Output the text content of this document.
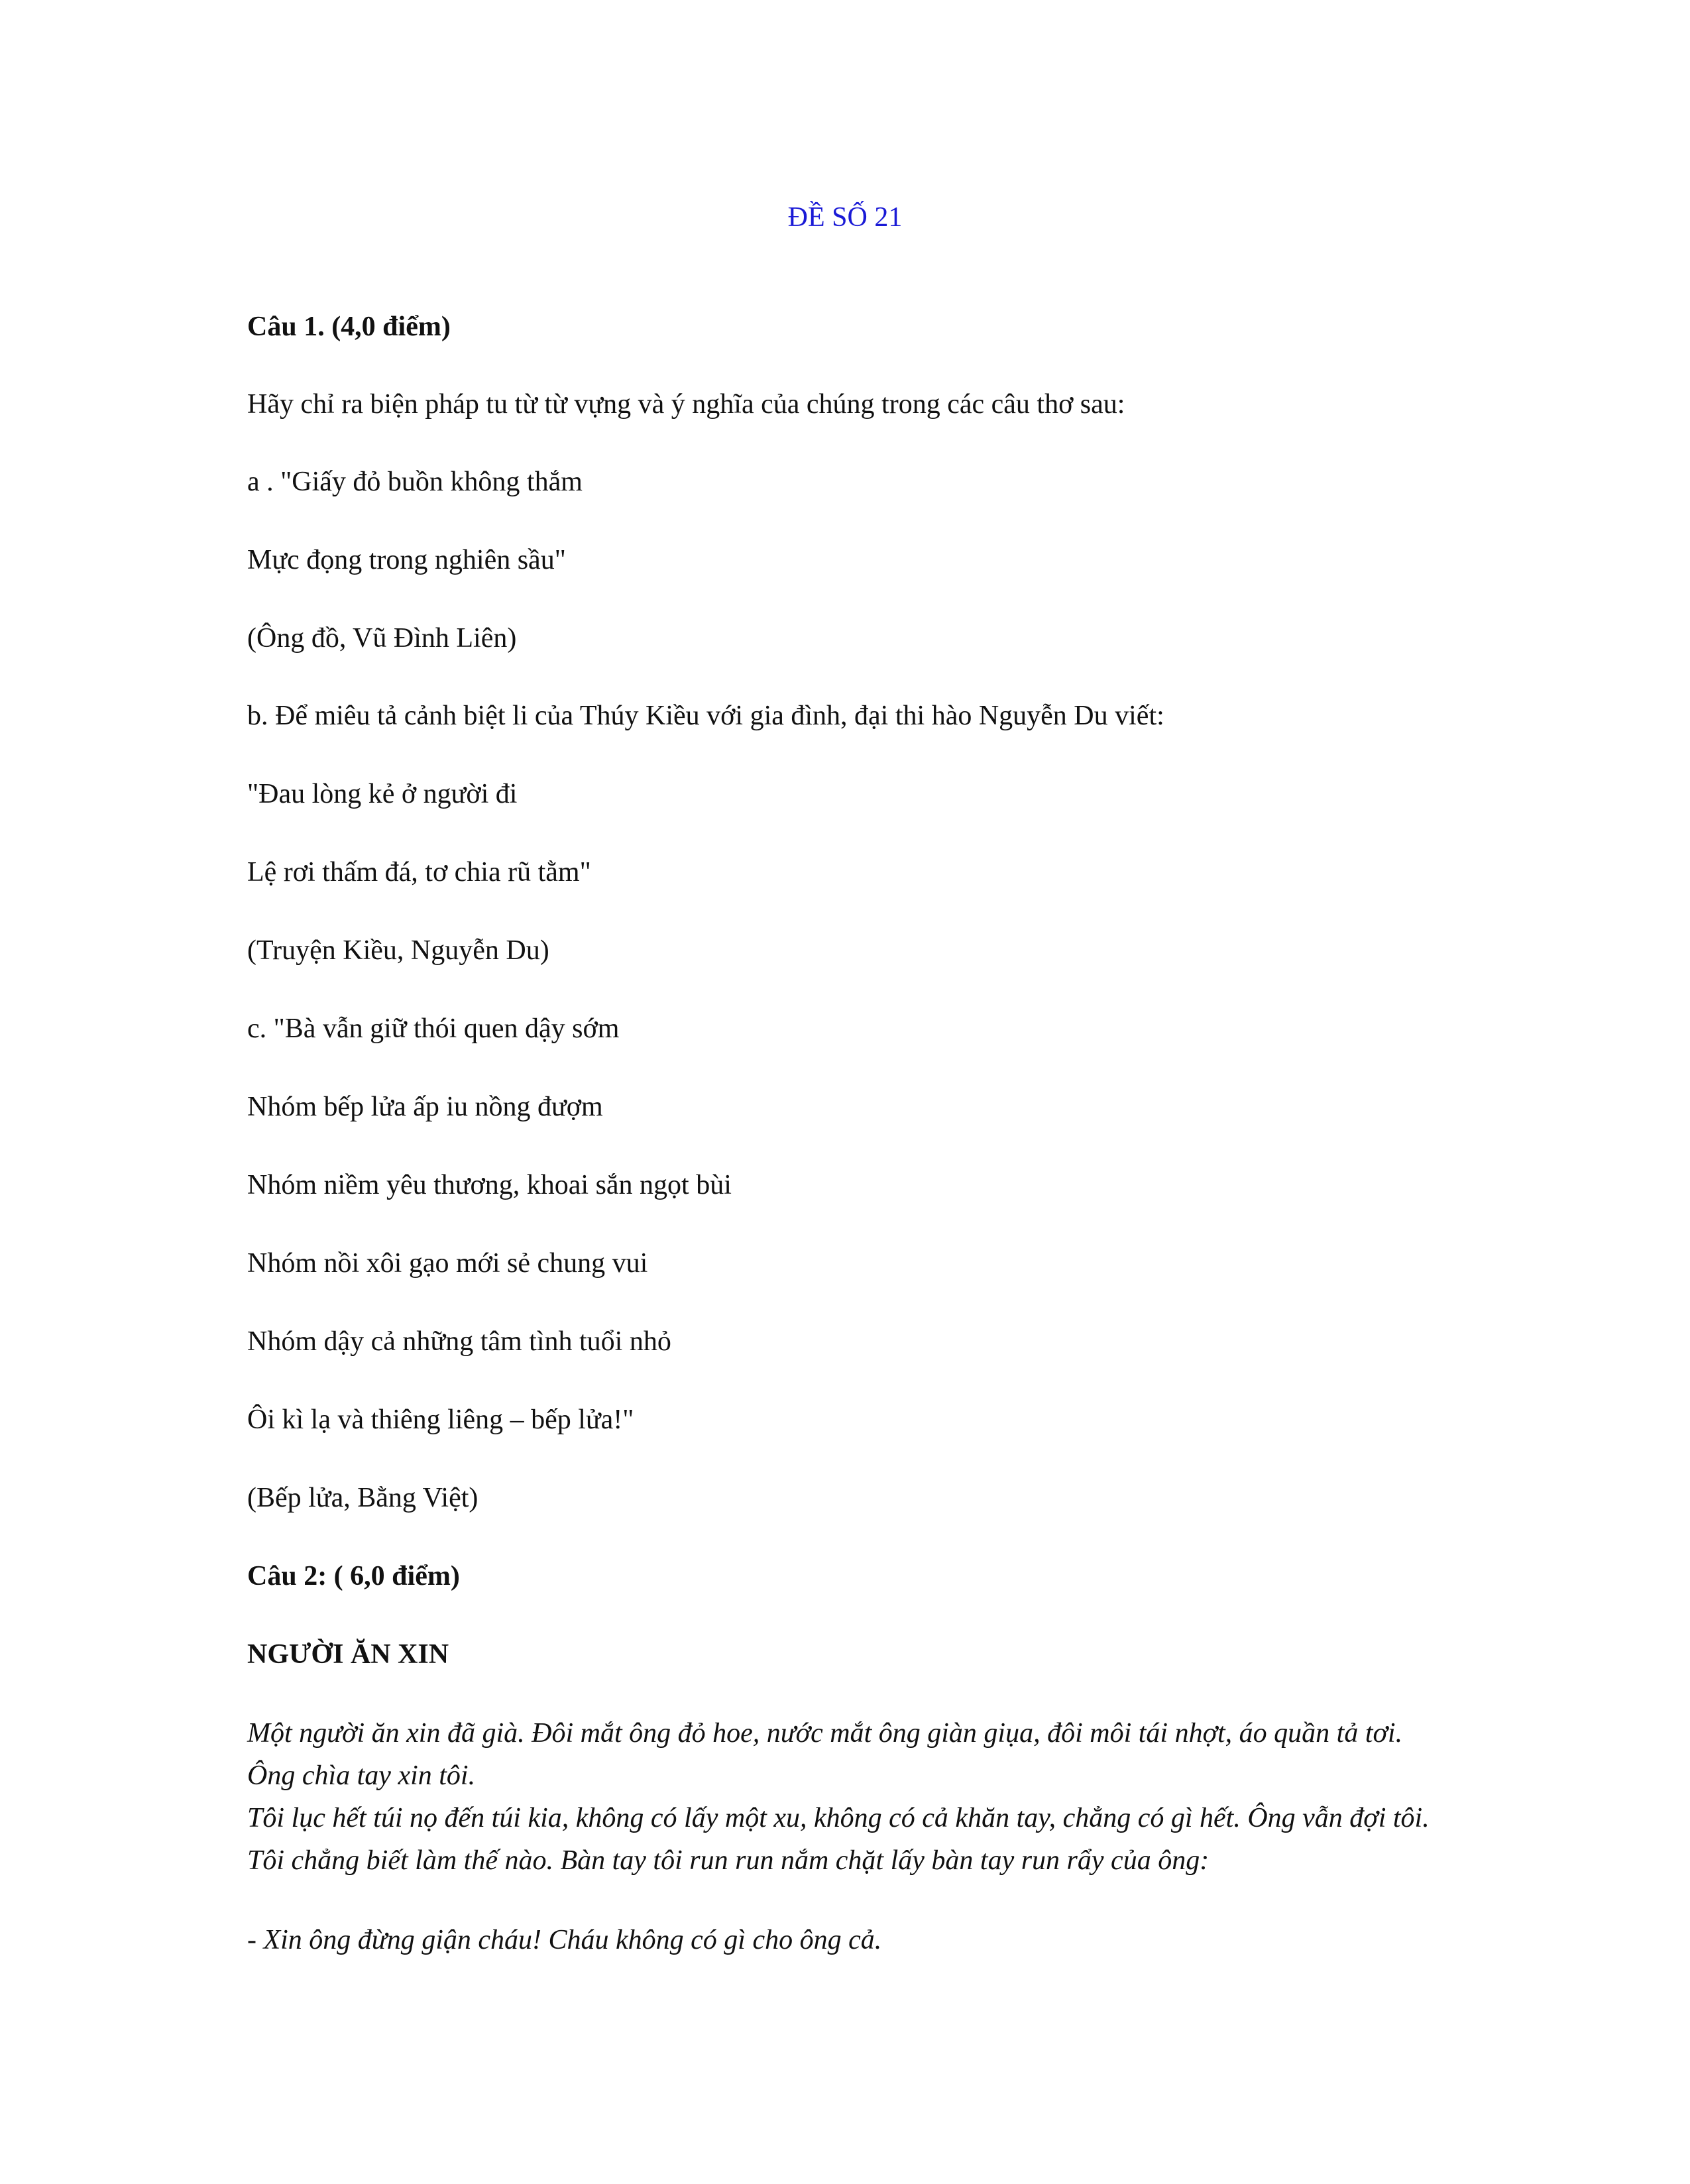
ĐỀ SỐ 21
Câu 1. (4,0 điểm)
Hãy chỉ ra biện pháp tu từ từ vựng và ý nghĩa của chúng trong các câu thơ sau:
a . "Giấy đỏ buồn không thắm
Mực đọng trong nghiên sầu"
(Ông đồ, Vũ Đình Liên)
b. Để miêu tả cảnh biệt li của Thúy Kiều với gia đình, đại thi hào Nguyễn Du viết:
"Đau lòng kẻ ở người đi
Lệ rơi thấm đá, tơ chia rũ tằm"
(Truyện Kiều, Nguyễn Du)
c. "Bà vẫn giữ thói quen dậy sớm
Nhóm bếp lửa ấp iu nồng đượm
Nhóm niềm yêu thương, khoai sắn ngọt bùi
Nhóm nồi xôi gạo mới sẻ chung vui
Nhóm dậy cả những tâm tình tuổi nhỏ
Ôi kì lạ và thiêng liêng – bếp lửa!"
(Bếp lửa, Bằng Việt)
Câu 2: ( 6,0 điểm)
NGƯỜI ĂN XIN
Một người ăn xin đã già. Đôi mắt ông đỏ hoe, nước mắt ông giàn giụa, đôi môi tái nhợt, áo quần tả tơi. Ông chìa tay xin tôi.
Tôi lục hết túi nọ đến túi kia, không có lấy một xu, không có cả khăn tay, chẳng có gì hết. Ông vẫn đợi tôi. Tôi chẳng biết làm thế nào. Bàn tay tôi run run nắm chặt lấy bàn tay run rẩy của ông:
- Xin ông đừng giận cháu! Cháu không có gì cho ông cả.
